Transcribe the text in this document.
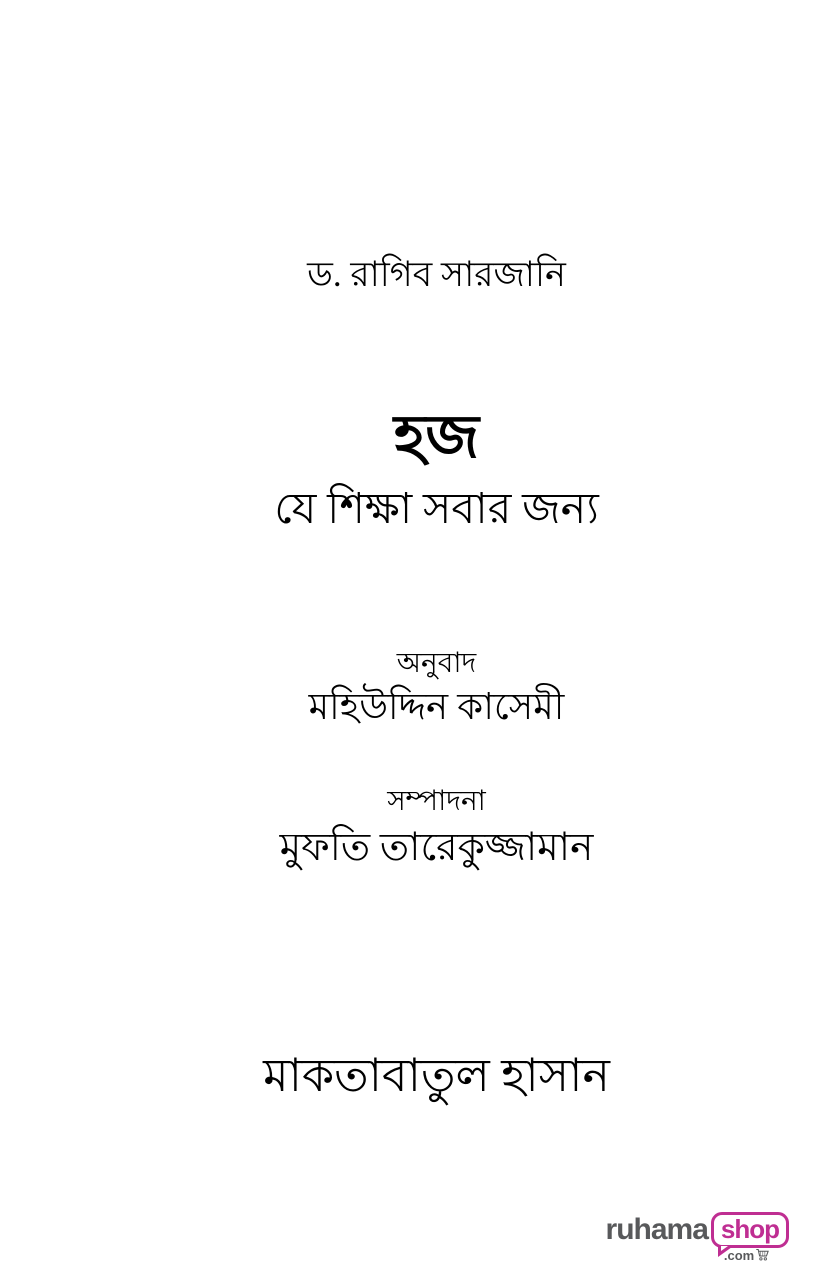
ড. রাগিব সারজানি
হজ
যে শিক্ষা সবার জন্য
অনুবাদ
মহিউদ্দিন কাসেমী
সম্পাদনা
মুফতি তারেকুজ্জামান
মাকতাবাতুল হাসান
ruhama shop
.com
